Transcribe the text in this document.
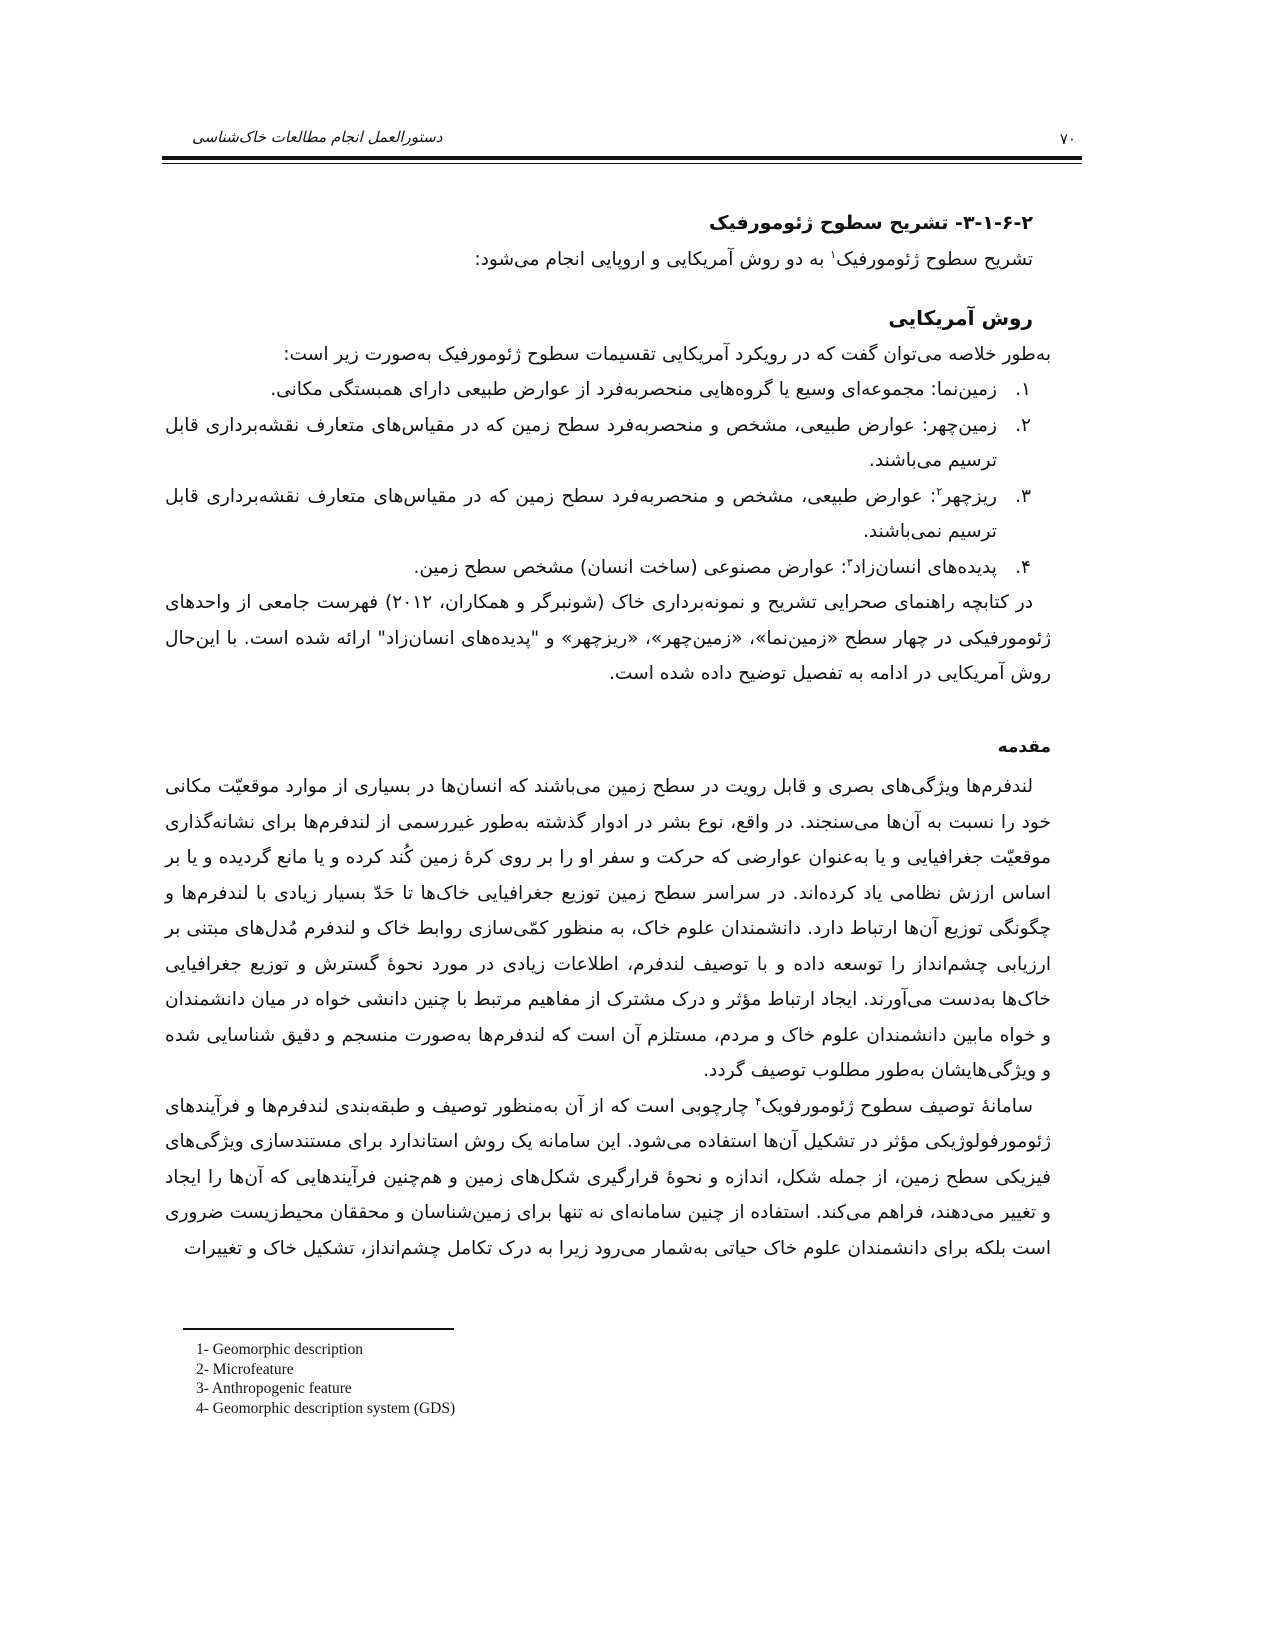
دستورالعمل انجام مطالعات خاک‌شناسی	۷۰

۳-۱-۶-۲- تشریح سطوح ژئومورفیک

تشریح سطوح ژئومورفیک$^۱$ به دو روش آمریکایی و اروپایی انجام می‌شود:

روش آمریکایی

به‌طور خلاصه می‌توان گفت که در رویکرد آمریکایی تقسیمات سطوح ژئومورفیک به‌صورت زیر است:

۱.
زمین‌نما: مجموعه‌ای وسیع یا گروه‌هایی منحصربه‌فرد از عوارض طبیعی دارای همبستگی مکانی.
۲.
زمین‌چهر: عوارض طبیعی، مشخص و منحصربه‌فرد سطح زمین که در مقیاس‌های متعارف نقشه‌برداری قابل ترسیم می‌باشند.
۳.
ریزچهر$^۲$: عوارض طبیعی، مشخص و منحصربه‌فرد سطح زمین که در مقیاس‌های متعارف نقشه‌برداری قابل ترسیم نمی‌باشند.
۴.
پدیده‌های انسان‌زاد$^۳$: عوارض مصنوعی (ساخت انسان) مشخص سطح زمین.

در کتابچه راهنمای صحرایی تشریح و نمونه‌برداری خاک (شونبرگر و همکاران، ۲۰۱۲) فهرست جامعی از واحدهای ژئومورفیکی در چهار سطح «زمین‌نما»، «زمین‌چهر»، «ریزچهر» و "پدیده‌های انسان‌زاد" ارائه شده است. با این‌حال روش آمریکایی در ادامه به تفصیل توضیح داده شده است.

مقدمه

لندفرم‌ها ویژگی‌های بصری و قابل رویت در سطح زمین می‌باشند که انسان‌ها در بسیاری از موارد موقعیّت مکانی خود را نسبت به آن‌ها می‌سنجند. در واقع، نوع بشر در ادوار گذشته به‌طور غیررسمی از لندفرم‌ها برای نشانه‌گذاری موقعیّت جغرافیایی و یا به‌عنوان عوارضی که حرکت و سفر او را بر روی کرهٔ زمین کُند کرده و یا مانع گردیده و یا بر اساس ارزش نظامی یاد کرده‌اند. در سراسر سطح زمین توزیع جغرافیایی خاک‌ها تا حَدّ بسیار زیادی با لندفرم‌ها و چگونگی توزیع آن‌ها ارتباط دارد. دانشمندان علوم خاک، به منظور کمّی‌سازی روابط خاک و لندفرم مُدل‌های مبتنی بر ارزیابی چشم‌انداز را توسعه داده و با توصیف لندفرم، اطلاعات زیادی در مورد نحوهٔ گسترش و توزیع جغرافیایی خاک‌ها به‌دست می‌آورند. ایجاد ارتباط مؤثر و درک مشترک از مفاهیم مرتبط با چنین دانشی خواه در میان دانشمندان و خواه مابین دانشمندان علوم خاک و مردم، مستلزم آن است که لندفرم‌ها به‌صورت منسجم و دقیق شناسایی شده و ویژگی‌هایشان به‌طور مطلوب توصیف گردد.

سامانهٔ توصیف سطوح ژئومورفویک$^۴$ چارچوبی است که از آن به‌منظور توصیف و طبقه‌بندی لندفرم‌ها و فرآیندهای ژئومورفولوژیکی مؤثر در تشکیل آن‌ها استفاده می‌شود. این سامانه یک روش استاندارد برای مستندسازی ویژگی‌های فیزیکی سطح زمین، از جمله شکل، اندازه و نحوهٔ قرارگیری شکل‌های زمین و هم‌چنین فرآیندهایی که آن‌ها را ایجاد و تغییر می‌دهند، فراهم می‌کند. استفاده از چنین سامانه‌ای نه تنها برای زمین‌شناسان و محققان محیط‌زیست ضروری است بلکه برای دانشمندان علوم خاک حیاتی به‌شمار می‌رود زیرا به درک تکامل چشم‌انداز، تشکیل خاک و تغییرات

1- Geomorphic description
2- Microfeature
3- Anthropogenic feature
4- Geomorphic description system (GDS)
